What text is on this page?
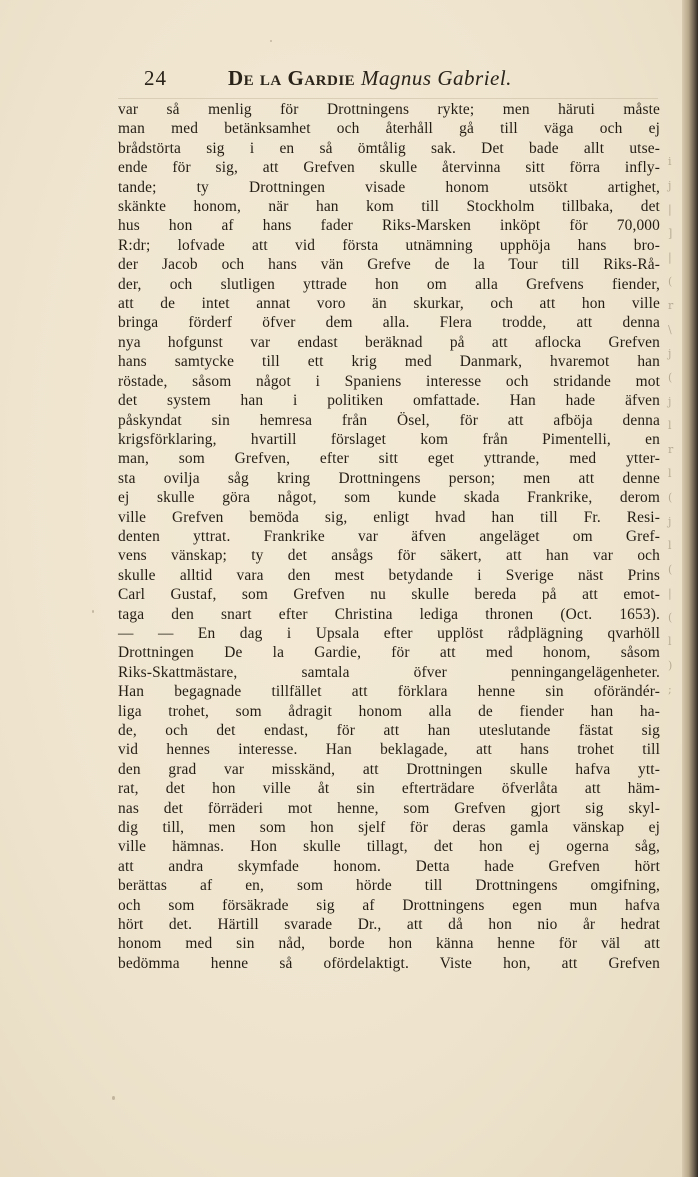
i
j
|
]
|
(
r
\
j
(
j
l
r
l
(
j
l
(
|
(
l
)
;
24	De la Gardie Magnus Gabriel.
var så menlig för Drottningens rykte; men häruti måste
man med betänksamhet och återhåll gå till väga och ej
brådstörta sig i en så ömtålig sak. Det bade allt utse-
ende för sig, att Grefven skulle återvinna sitt förra infly-
tande; ty Drottningen visade honom utsökt artighet,
skänkte honom, när han kom till Stockholm tillbaka, det
hus hon af hans fader Riks-Marsken inköpt för 70,000
R:dr; lofvade att vid första utnämning upphöja hans bro-
der Jacob och hans vän Grefve de la Tour till Riks-Rå-
der, och slutligen yttrade hon om alla Grefvens fiender,
att de intet annat voro än skurkar, och att hon ville
bringa förderf öfver dem alla. Flera trodde, att denna
nya hofgunst var endast beräknad på att aflocka Grefven
hans samtycke till ett krig med Danmark, hvaremot han
röstade, såsom något i Spaniens interesse och stridande mot
det system han i politiken omfattade. Han hade äfven
påskyndat sin hemresa från Ösel, för att afböja denna
krigsförklaring, hvartill förslaget kom från Pimentelli, en
man, som Grefven, efter sitt eget yttrande, med ytter-
sta ovilja såg kring Drottningens person; men att denne
ej skulle göra något, som kunde skada Frankrike, derom
ville Grefven bemöda sig, enligt hvad han till Fr. Resi-
denten yttrat. Frankrike var äfven angeläget om Gref-
vens vänskap; ty det ansågs för säkert, att han var och
skulle alltid vara den mest betydande i Sverige näst Prins
Carl Gustaf, som Grefven nu skulle bereda på att emot-
taga den snart efter Christina lediga thronen (Oct. 1653).
— — En dag i Upsala efter upplöst rådplägning qvarhöll
Drottningen De la Gardie, för att med honom, såsom
Riks-Skattmästare, samtala öfver penningangelägenheter.
Han begagnade tillfället att förklara henne sin oförändér-
liga trohet, som ådragit honom alla de fiender han ha-
de, och det endast, för att han uteslutande fästat sig
vid hennes interesse. Han beklagade, att hans trohet till
den grad var misskänd, att Drottningen skulle hafva ytt-
rat, det hon ville åt sin efterträdare öfverlåta att häm-
nas det förräderi mot henne, som Grefven gjort sig skyl-
dig till, men som hon sjelf för deras gamla vänskap ej
ville hämnas. Hon skulle tillagt, det hon ej ogerna såg,
att andra skymfade honom. Detta hade Grefven hört
berättas af en, som hörde till Drottningens omgifning,
och som försäkrade sig af Drottningens egen mun hafva
hört det. Härtill svarade Dr., att då hon nio år hedrat
honom med sin nåd, borde hon känna henne för väl att
bedömma henne så ofördelaktigt. Viste hon, att Grefven
